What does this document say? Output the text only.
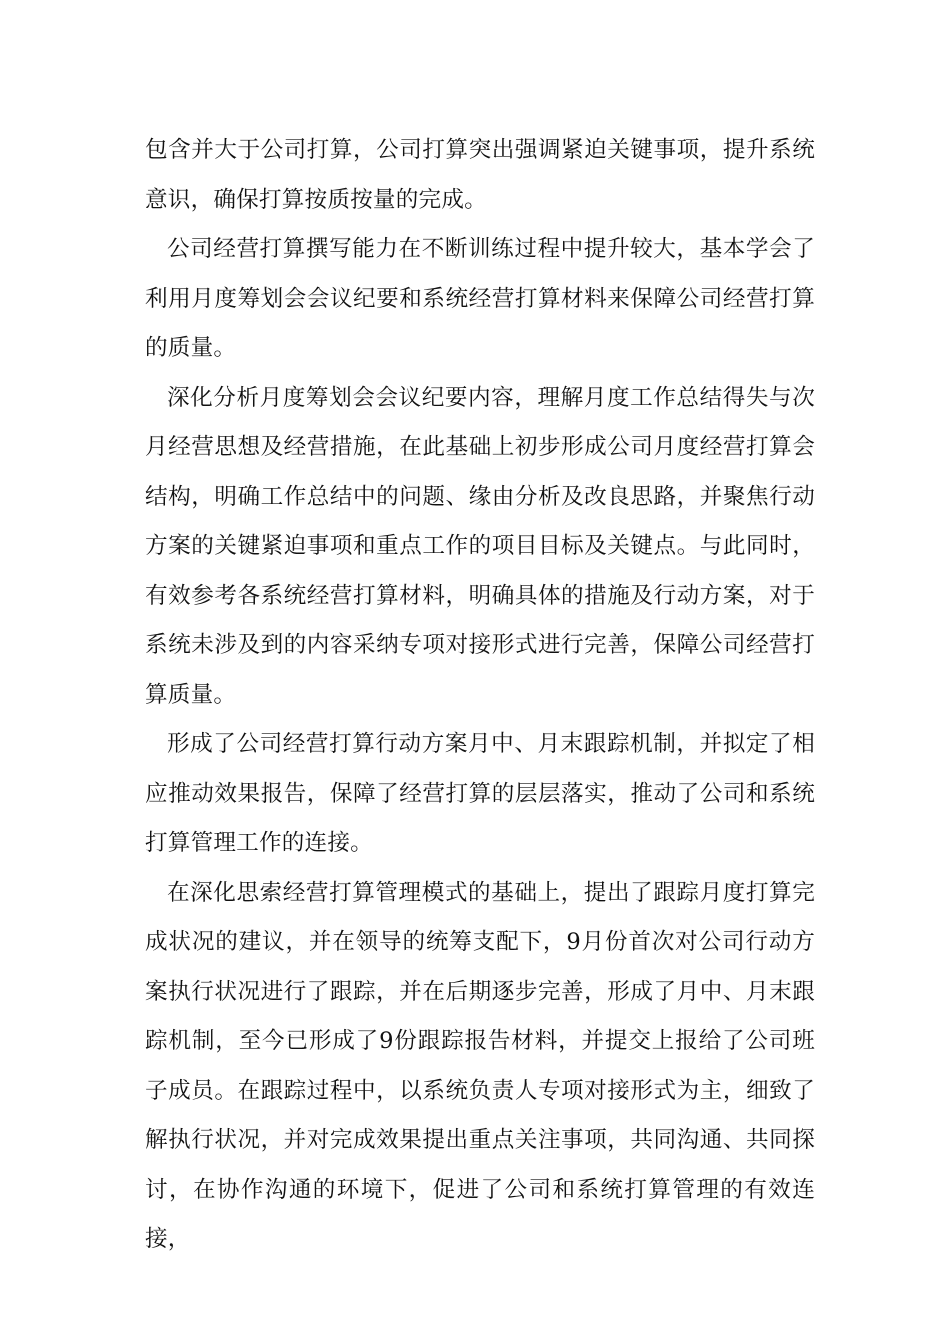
包含并大于公司打算，公司打算突出强调紧迫关键事项，提升系统意识，确保打算按质按量的完成。

公司经营打算撰写能力在不断训练过程中提升较大，基本学会了利用月度筹划会会议纪要和系统经营打算材料来保障公司经营打算的质量。

深化分析月度筹划会会议纪要内容，理解月度工作总结得失与次月经营思想及经营措施，在此基础上初步形成公司月度经营打算会结构，明确工作总结中的问题、缘由分析及改良思路，并聚焦行动方案的关键紧迫事项和重点工作的项目目标及关键点。与此同时，有效参考各系统经营打算材料，明确具体的措施及行动方案，对于系统未涉及到的内容采纳专项对接形式进行完善，保障公司经营打算质量。

形成了公司经营打算行动方案月中、月末跟踪机制，并拟定了相应推动效果报告，保障了经营打算的层层落实，推动了公司和系统打算管理工作的连接。

在深化思索经营打算管理模式的基础上，提出了跟踪月度打算完成状况的建议，并在领导的统筹支配下，9月份首次对公司行动方案执行状况进行了跟踪，并在后期逐步完善，形成了月中、月末跟踪机制，至今已形成了9份跟踪报告材料，并提交上报给了公司班子成员。在跟踪过程中，以系统负责人专项对接形式为主，细致了解执行状况，并对完成效果提出重点关注事项，共同沟通、共同探讨，在协作沟通的环境下，促进了公司和系统打算管理的有效连接，
